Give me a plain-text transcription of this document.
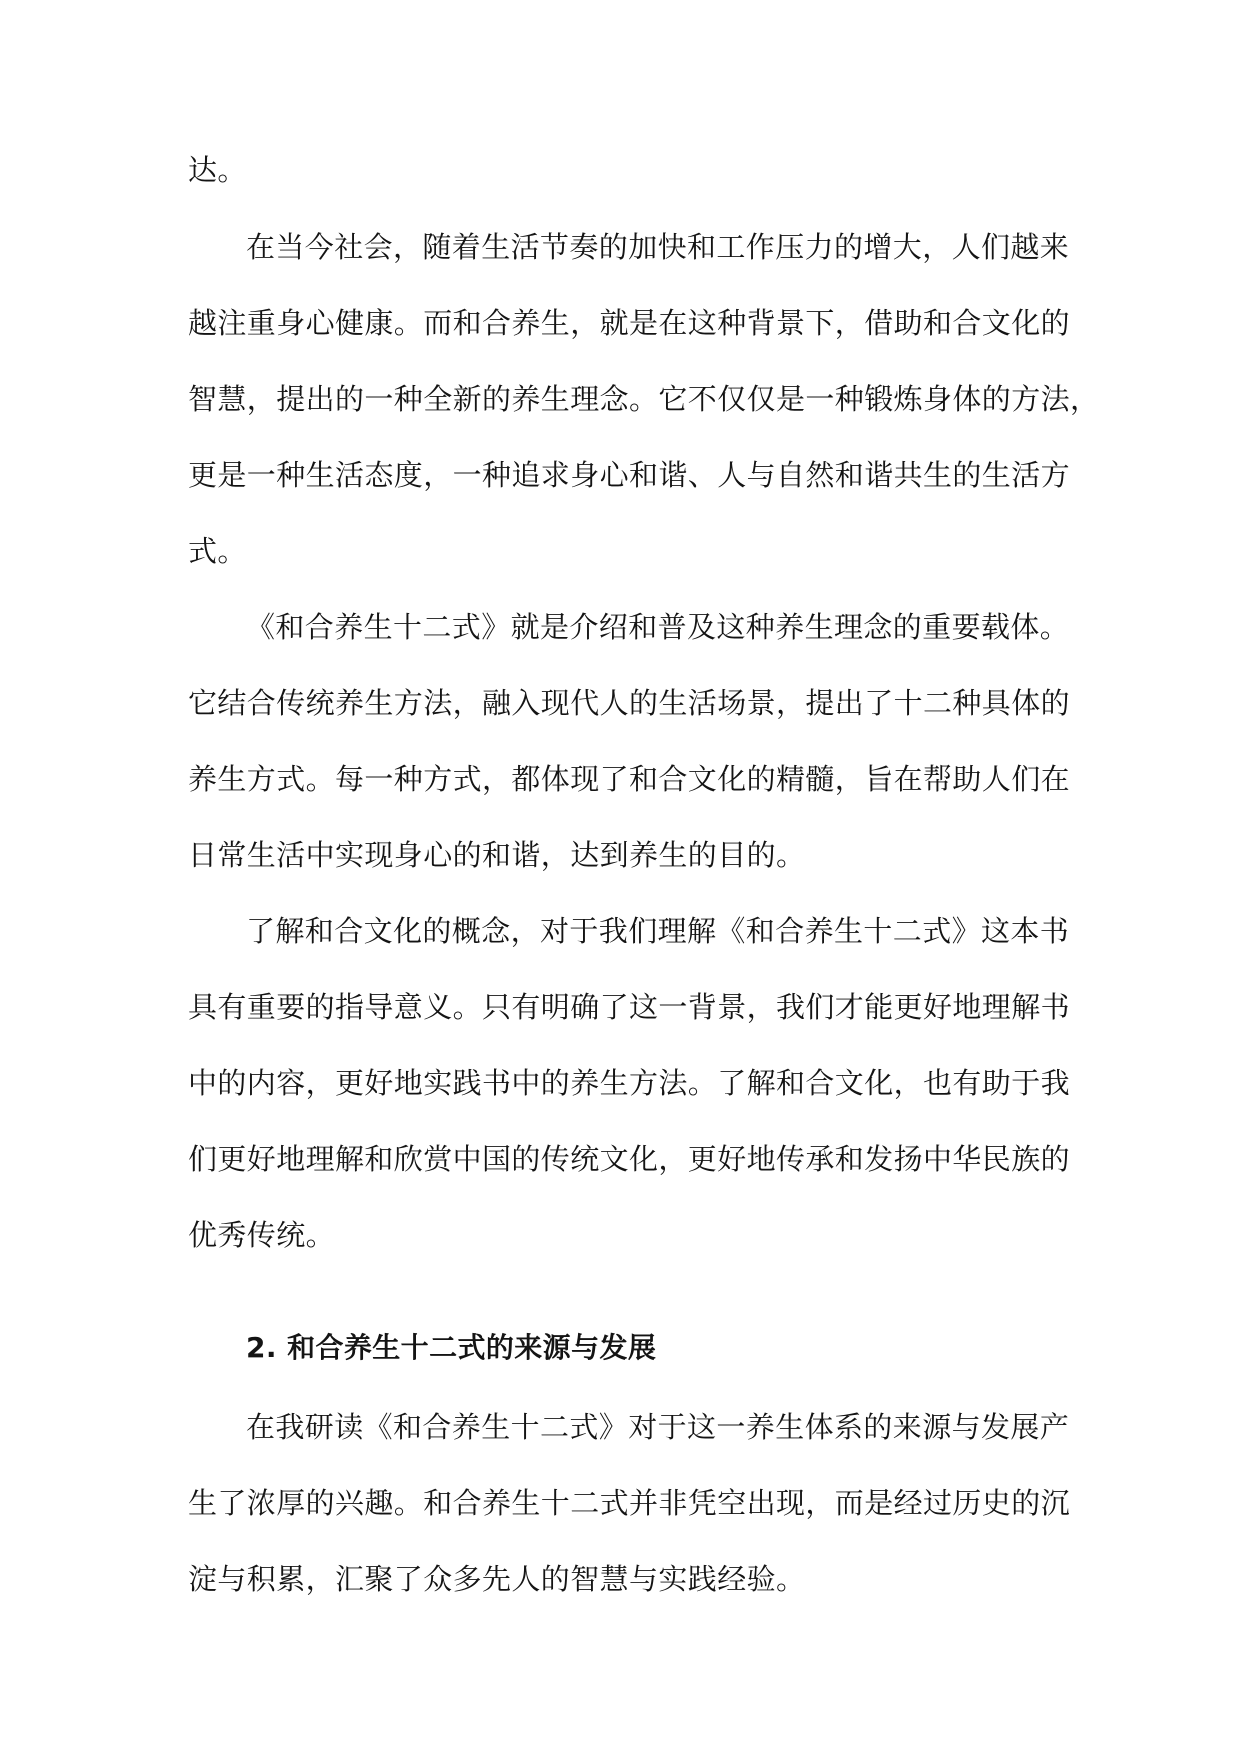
达。
在当今社会，随着生活节奏的加快和工作压力的增大，人们越来
越注重身心健康。而和合养生，就是在这种背景下，借助和合文化的
智慧，提出的一种全新的养生理念。它不仅仅是一种锻炼身体的方法，
更是一种生活态度，一种追求身心和谐、人与自然和谐共生的生活方
式。
《和合养生十二式》就是介绍和普及这种养生理念的重要载体。
它结合传统养生方法，融入现代人的生活场景，提出了十二种具体的
养生方式。每一种方式，都体现了和合文化的精髓，旨在帮助人们在
日常生活中实现身心的和谐，达到养生的目的。
了解和合文化的概念，对于我们理解《和合养生十二式》这本书
具有重要的指导意义。只有明确了这一背景，我们才能更好地理解书
中的内容，更好地实践书中的养生方法。了解和合文化，也有助于我
们更好地理解和欣赏中国的传统文化，更好地传承和发扬中华民族的
优秀传统。
2. 和合养生十二式的来源与发展
在我研读《和合养生十二式》对于这一养生体系的来源与发展产
生了浓厚的兴趣。和合养生十二式并非凭空出现，而是经过历史的沉
淀与积累，汇聚了众多先人的智慧与实践经验。
